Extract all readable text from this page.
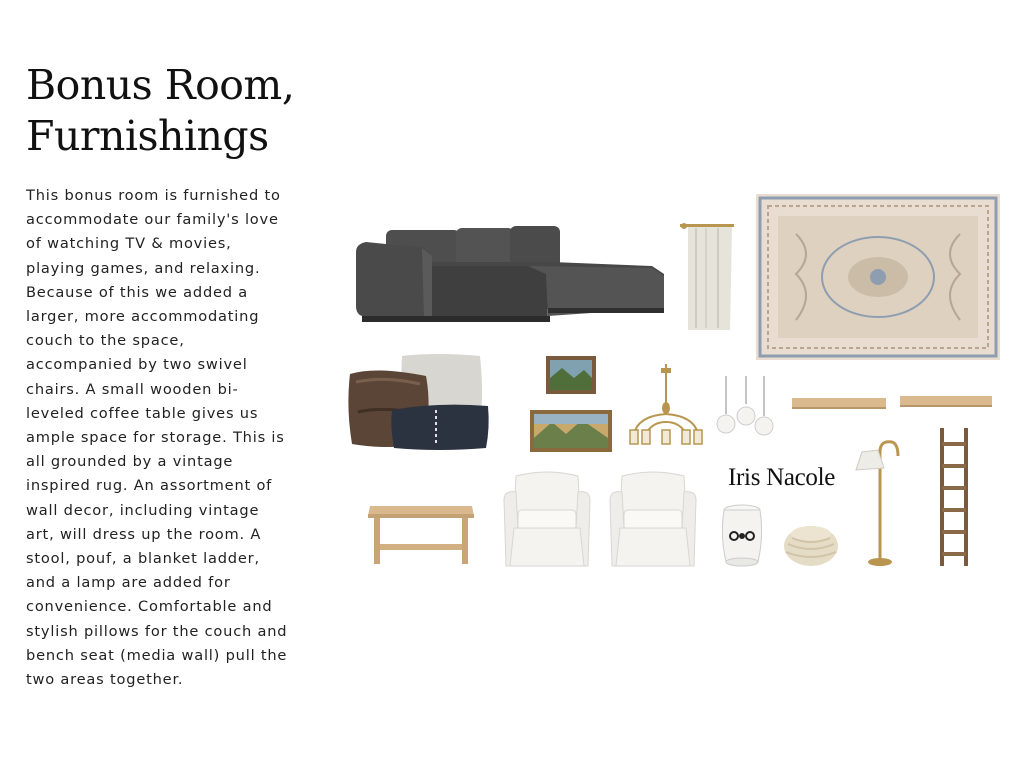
Bonus Room, Furnishings

This bonus room is furnished to accommodate our family's love of watching TV & movies, playing games, and relaxing. Because of this we added a larger, more accommodating couch to the space, accompanied by two swivel chairs. A small wooden bi-leveled coffee table gives us ample space for storage. This is all grounded by a vintage inspired rug. An assortment of wall decor, including vintage art, will dress up the room. A stool, pouf, a blanket ladder, and a lamp are added for convenience. Comfortable and stylish pillows for the couch and bench seat (media wall) pull the two areas together.

Iris Nacole
